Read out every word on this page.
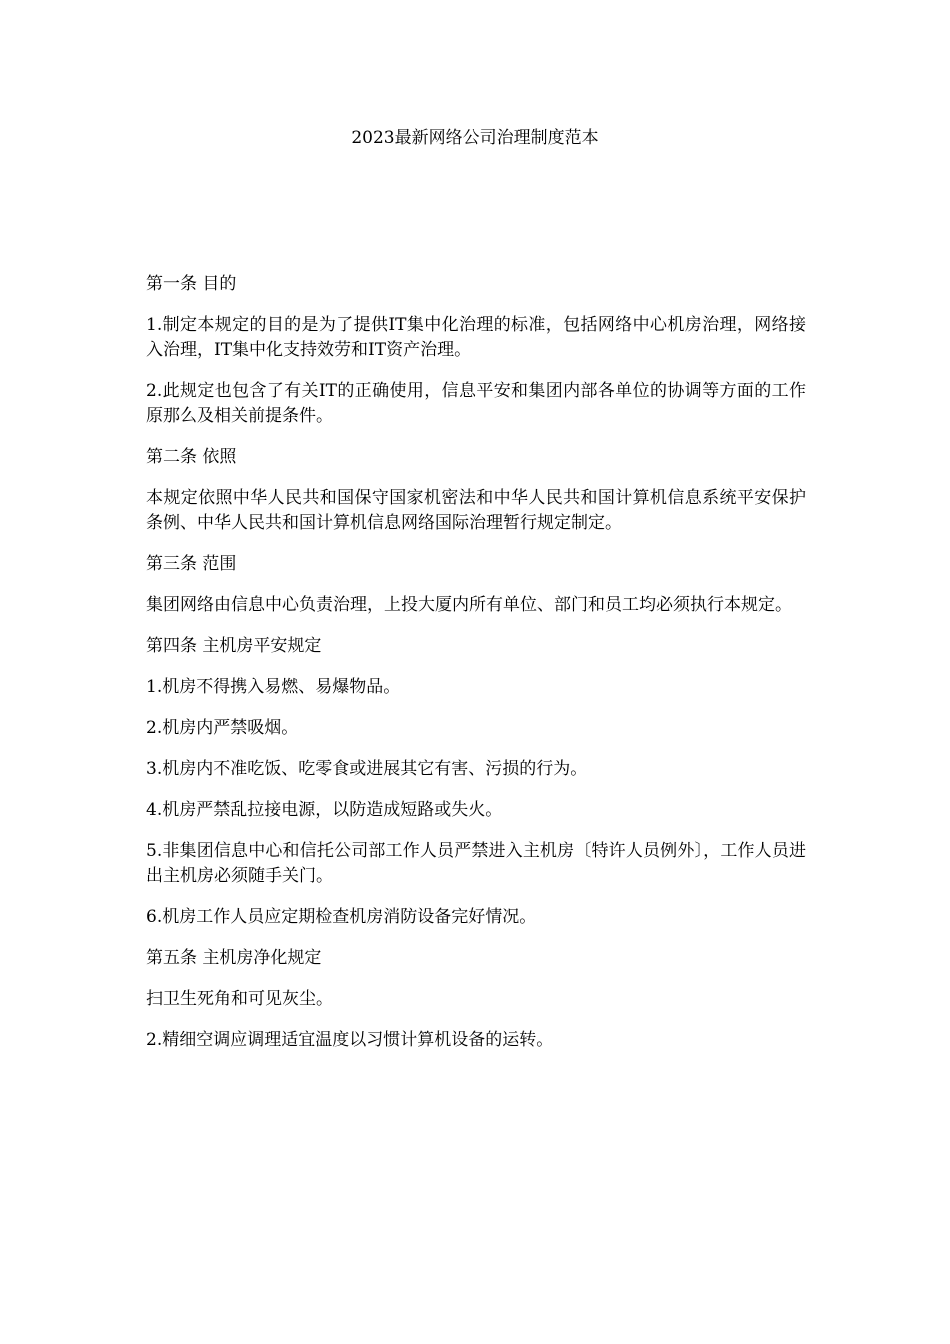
2023最新网络公司治理制度范本

第一条 目的

1.制定本规定的目的是为了提供IT集中化治理的标准，包括网络中心机房治理，网络接入治理，IT集中化支持效劳和IT资产治理。

2.此规定也包含了有关IT的正确使用，信息平安和集团内部各单位的协调等方面的工作原那么及相关前提条件。

第二条 依照

本规定依照中华人民共和国保守国家机密法和中华人民共和国计算机信息系统平安保护条例、中华人民共和国计算机信息网络国际治理暂行规定制定。

第三条 范围

集团网络由信息中心负责治理，上投大厦内所有单位、部门和员工均必须执行本规定。

第四条 主机房平安规定

1.机房不得携入易燃、易爆物品。

2.机房内严禁吸烟。

3.机房内不准吃饭、吃零食或进展其它有害、污损的行为。

4.机房严禁乱拉接电源，以防造成短路或失火。

5.非集团信息中心和信托公司部工作人员严禁进入主机房〔特许人员例外〕，工作人员进出主机房必须随手关门。

6.机房工作人员应定期检查机房消防设备完好情况。

第五条 主机房净化规定

扫卫生死角和可见灰尘。

2.精细空调应调理适宜温度以习惯计算机设备的运转。
